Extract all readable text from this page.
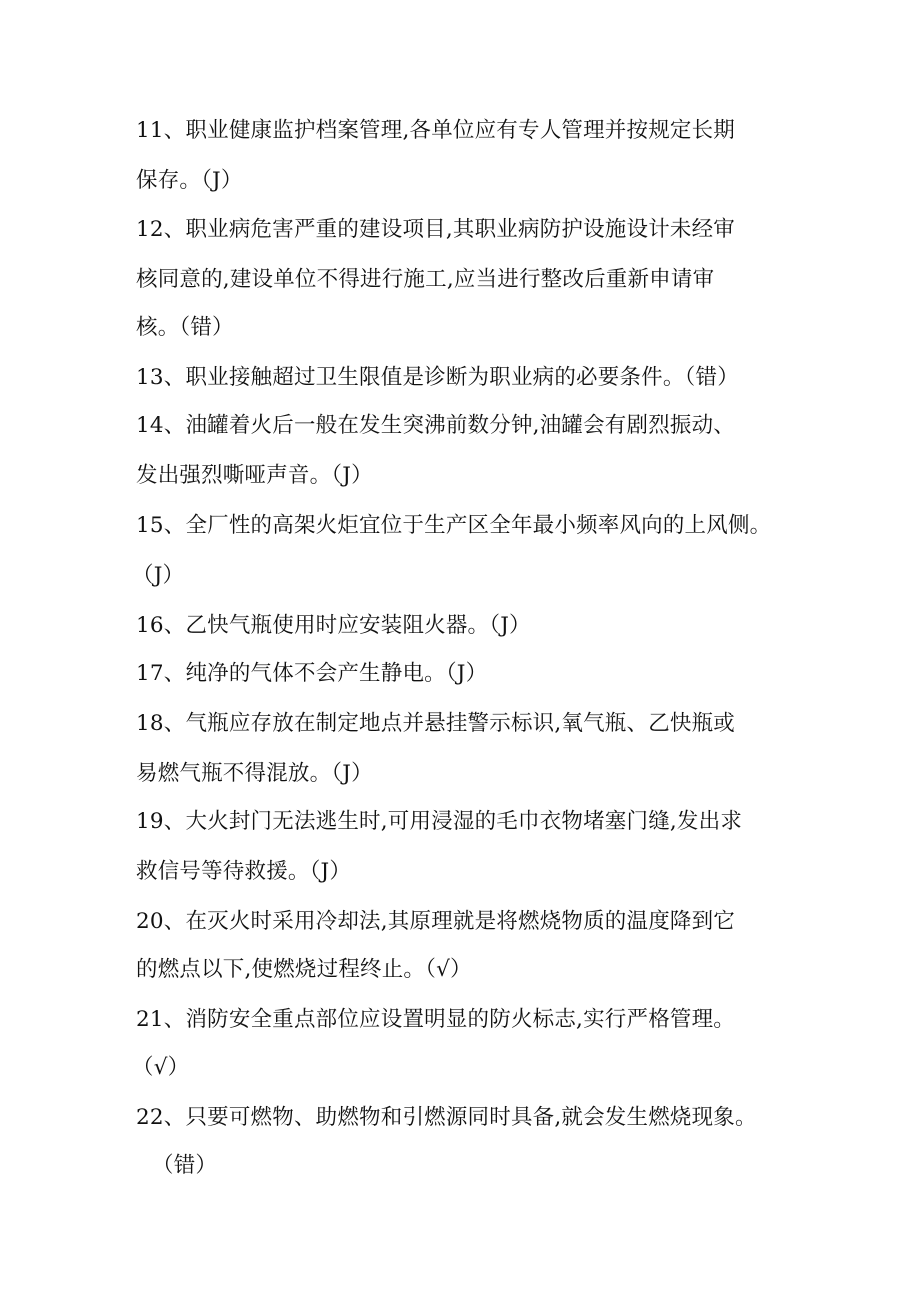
11、职业健康监护档案管理,各单位应有专人管理并按规定长期
保存。（J）
12、职业病危害严重的建设项目,其职业病防护设施设计未经审
核同意的,建设单位不得进行施工,应当进行整改后重新申请审
核。（错）
13、职业接触超过卫生限值是诊断为职业病的必要条件。（错）
14、油罐着火后一般在发生突沸前数分钟,油罐会有剧烈振动、
发出强烈嘶哑声音。（J）
15、全厂性的高架火炬宜位于生产区全年最小频率风向的上风侧。
（J）
16、乙快气瓶使用时应安装阻火器。（J）
17、纯净的气体不会产生静电。（J）
18、气瓶应存放在制定地点并悬挂警示标识,氧气瓶、乙快瓶或
易燃气瓶不得混放。（J）
19、大火封门无法逃生时,可用浸湿的毛巾衣物堵塞门缝,发出求
救信号等待救援。（J）
20、在灭火时采用冷却法,其原理就是将燃烧物质的温度降到它
的燃点以下,使燃烧过程终止。（√）
21、消防安全重点部位应设置明显的防火标志,实行严格管理。
（√）
22、只要可燃物、助燃物和引燃源同时具备,就会发生燃烧现象。
（错）
